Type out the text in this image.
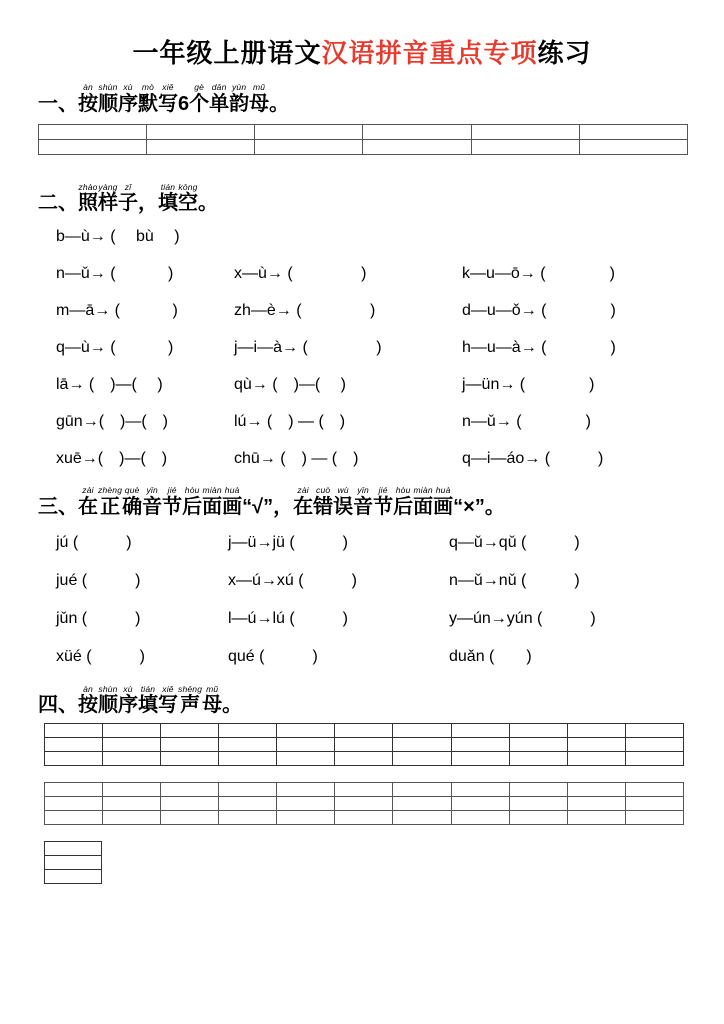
一年级上册语文汉语拼音重点专项练习
一、
àn
按
shùn
顺
xù
序
mò
默
xiě
写 6
gè
个
dān
单
yùn
韵
mǔ
母 。

二、
zhào
照
yàng
样
zǐ
子 ，
tián
填
kōng
空 。
b—ù→ (　 bù 　)
n—ǔ→ (　　　 )	x—ù→ (　　　　 )	k—u—ō→ (　　　　)
m—ā→ (　　　 )	zh—è→ (　　　　 )	d—u—ǒ→ (　　　　)
q—ù→ (　　　 )	j—i—à→ (　　　　 )	h—u—à→ (　　　　)
lā→ (　)—(　 )	qù→ (　)—(　 )	j—ün→ (　　　　)
gūn→(　)—(　)	lú→ (　) — (　)	n—ǔ→ (　　　　)
xuē→(　)—(　)	chū→ (　) — (　)	q—i—áo→ (　　　)
三、
zài
在
zhèng
正
què
确
yīn
音
jié
节
hòu
后
miàn
面
huà
画 “√”，
zài
在
cuò
错
wù
误
yīn
音
jié
节
hòu
后
miàn
面
huà
画 “×”。
jú (　　　)	j—ü→jü (　　　)	q—ǔ→qǔ (　　　)
jué (　　　)	x—ú→xú (　　　)	n—ǔ→nǔ (　　　)
jǔn (　　　)	l—ú→lú (　　　)	y—ún→yún (　　　)
xüé (　　　)	qué (　　　)	duǎn (　　)
四、
àn
按
shùn
顺
xù
序
tián
填
xiě
写
shēng
声
mǔ
母 。
